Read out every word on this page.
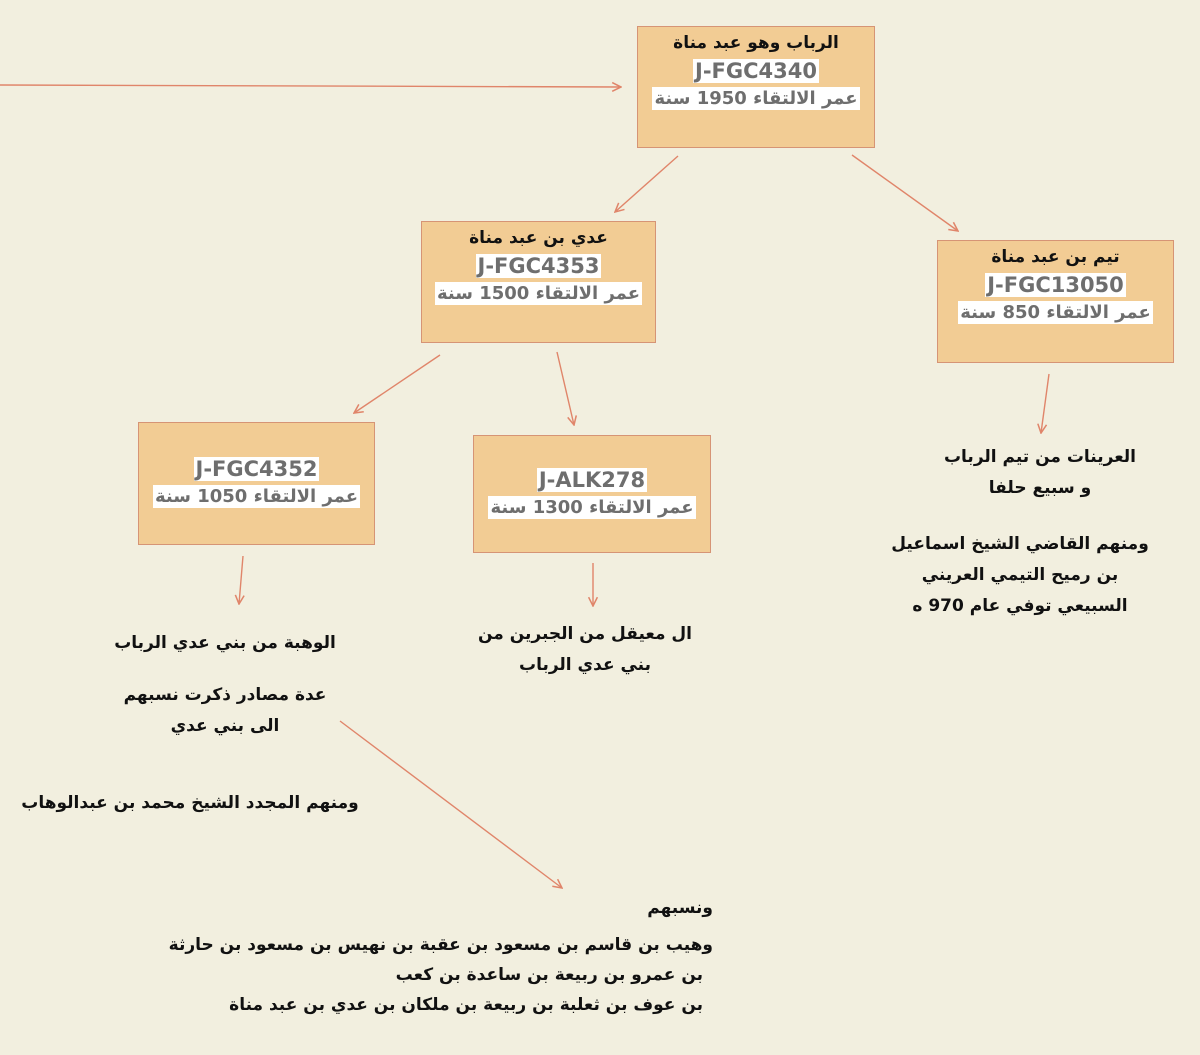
الرباب وهو عبد مناة
J-FGC4340
عمر الالتقاء 1950 سنة
عدي بن عبد مناة
J-FGC4353
عمر الالتقاء 1500 سنة
تيم بن عبد مناة
J-FGC13050
عمر الالتقاء 850 سنة
J-FGC4352
عمر الالتقاء 1050 سنة
J-ALK278
عمر الالتقاء 1300 سنة
الوهبة من بني عدي الرباب
عدة مصادر ذكرت نسبهم
الى بني عدي
ومنهم المجدد الشيخ محمد بن عبدالوهاب
ال معيقل من الجبرين من
بني عدي الرباب
العرينات من تيم الرباب
و سبيع حلفا
ومنهم القاضي الشيخ اسماعيل
بن رميح التيمي العريني
السبيعي توفي عام 970 ه
ونسبهم
وهيب بن قاسم بن مسعود بن عقبة بن نهيس بن مسعود بن حارثة
بن عمرو بن ربيعة بن ساعدة بن كعب
بن عوف بن ثعلبة بن ربيعة بن ملكان بن عدي بن عبد مناة
